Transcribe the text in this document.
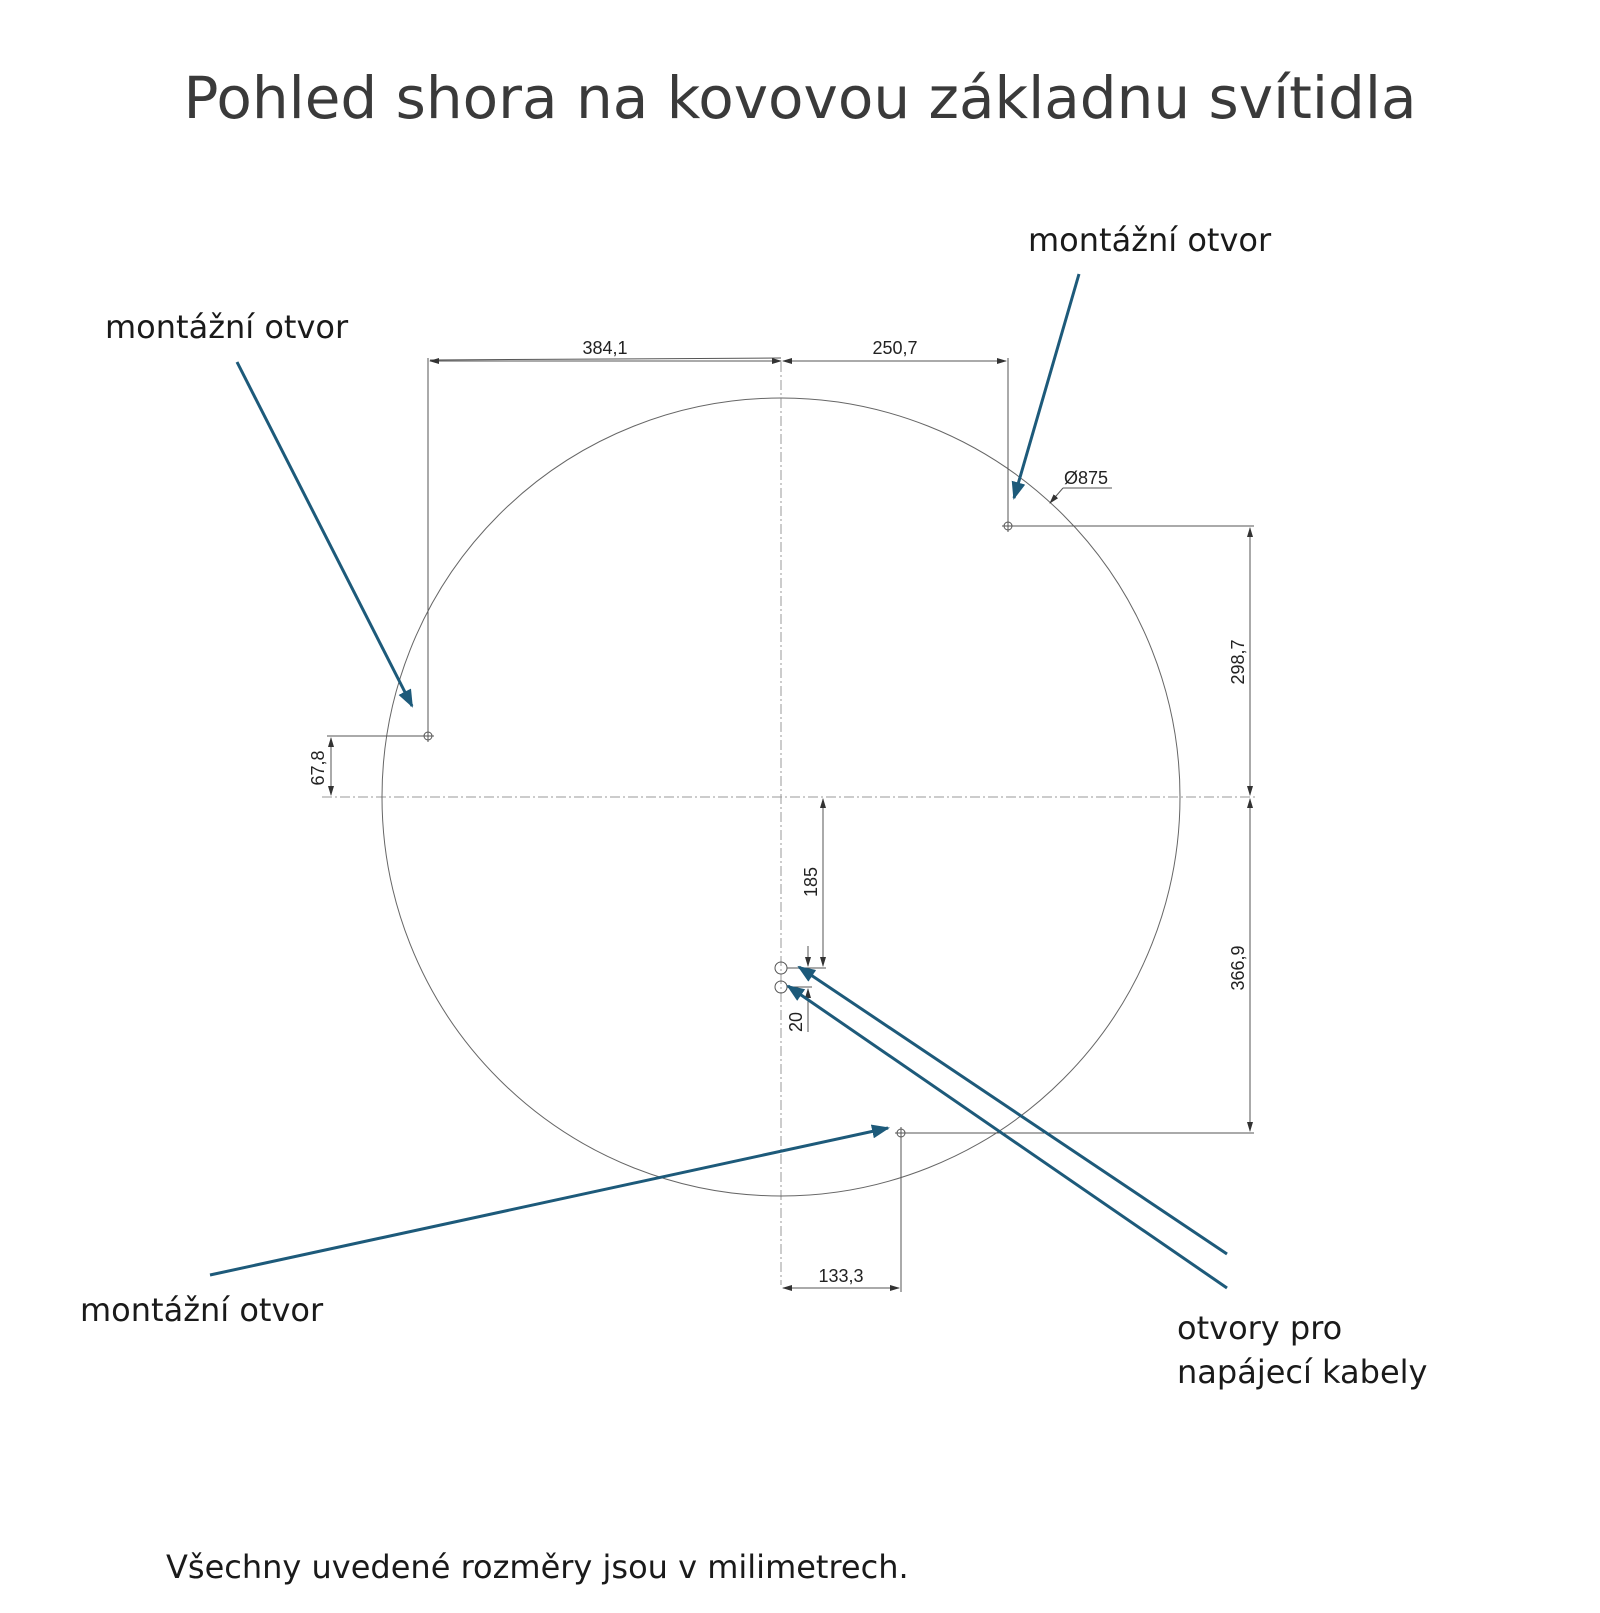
Pohled shora na kovovou základnu svítidla
384,1	250,7
Ø875
298,7
366,9
67,8
185
20
133,3
montážní otvor
montážní otvor
montážní otvor	otvory pro
napájecí kabely
Všechny uvedené rozměry jsou v milimetrech.
